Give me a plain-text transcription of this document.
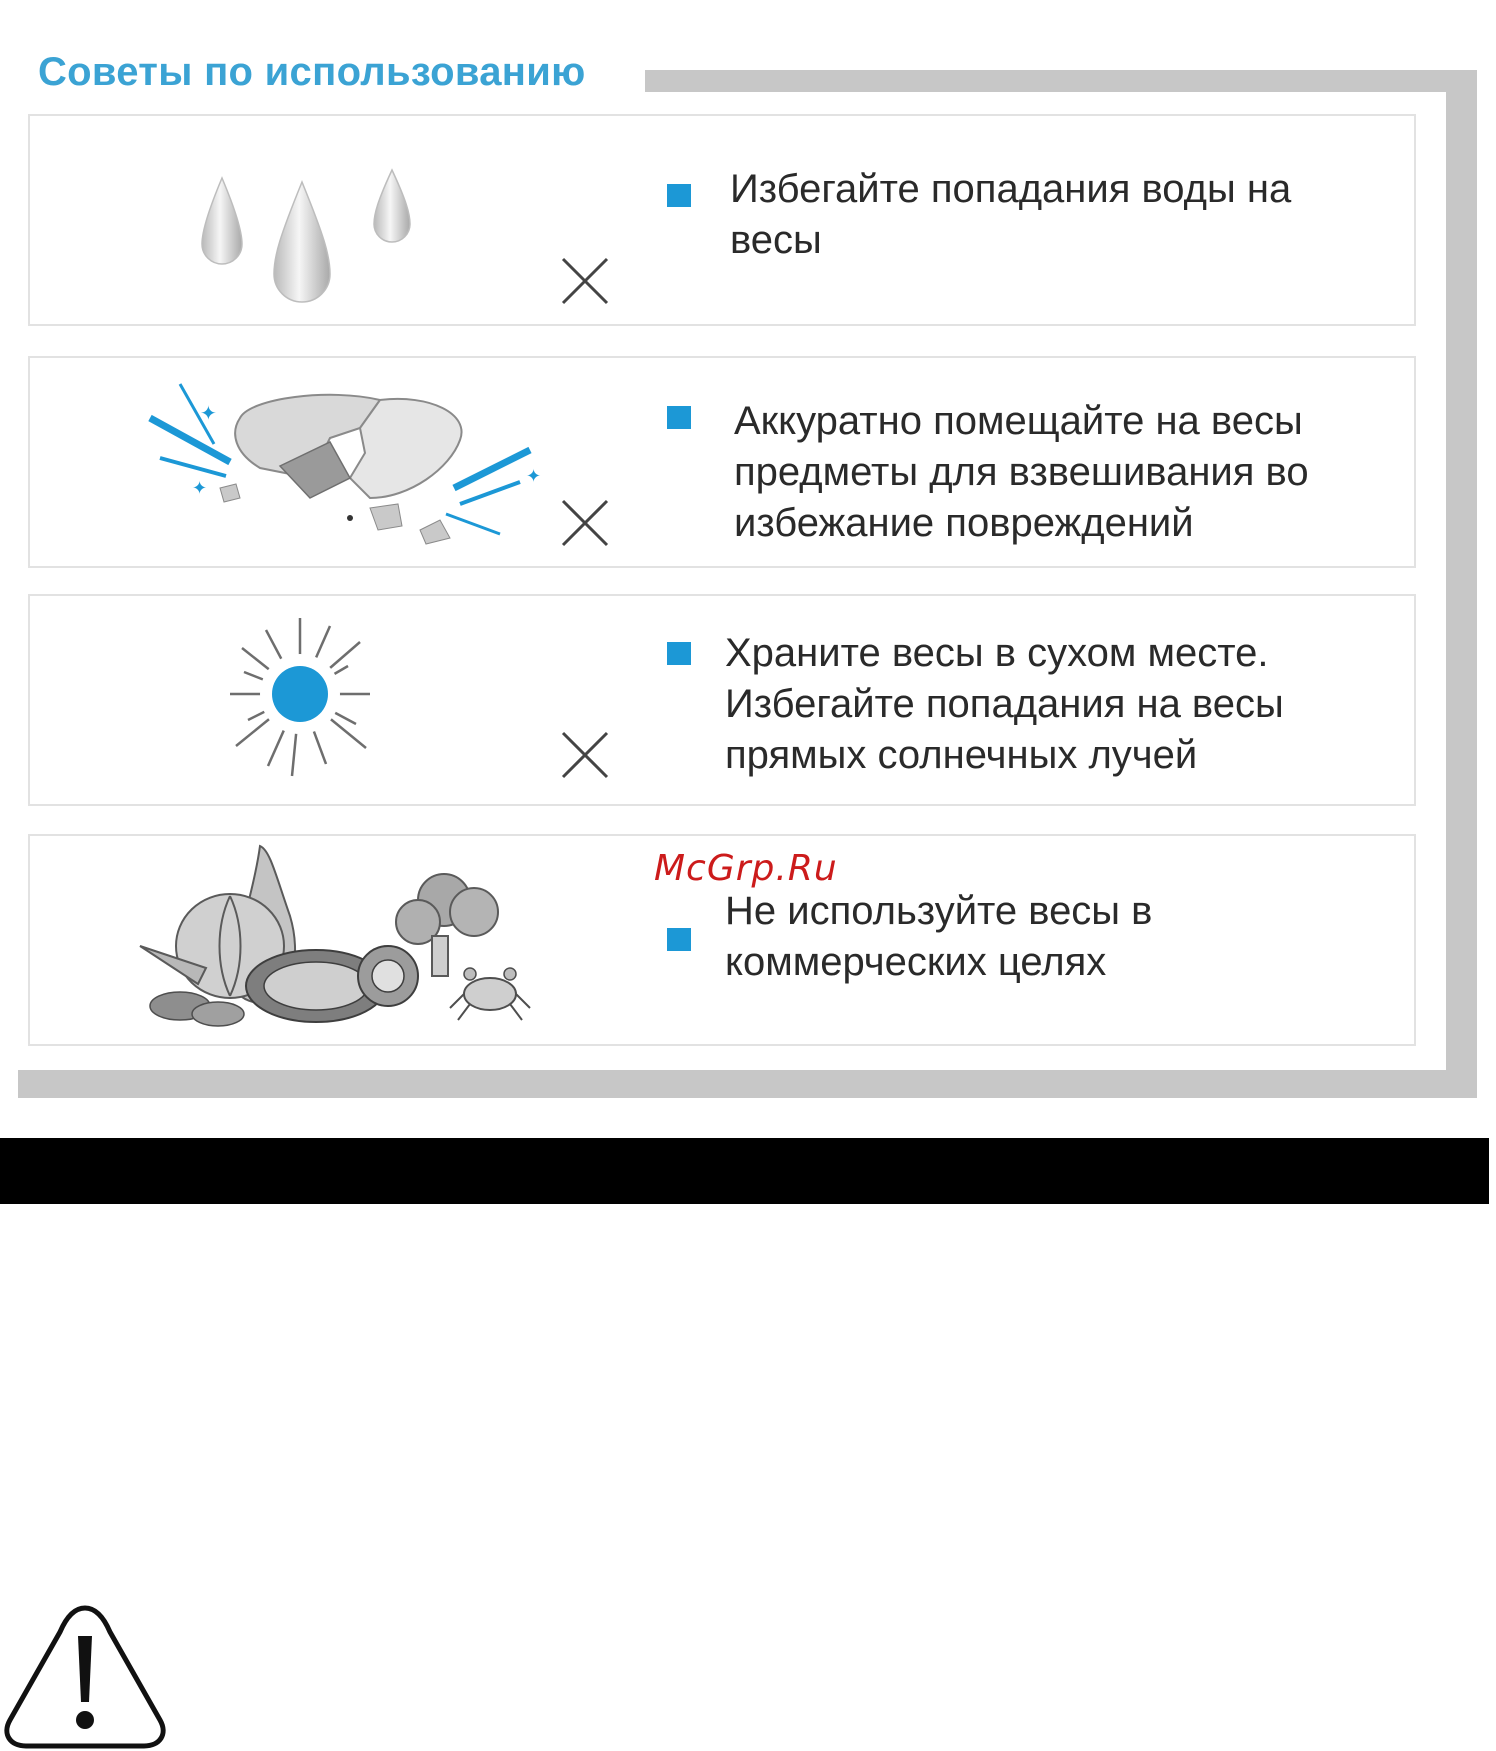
Советы по использованию

Избегайте попадания воды на
весы

✦
✦
✦

Аккуратно помещайте на весы
предметы для взвешивания во
избежание повреждений

Храните весы в сухом месте.
Избегайте попадания на весы
прямых солнечных лучей

Не используйте весы в
коммерческих целях

McGrp.Ru
